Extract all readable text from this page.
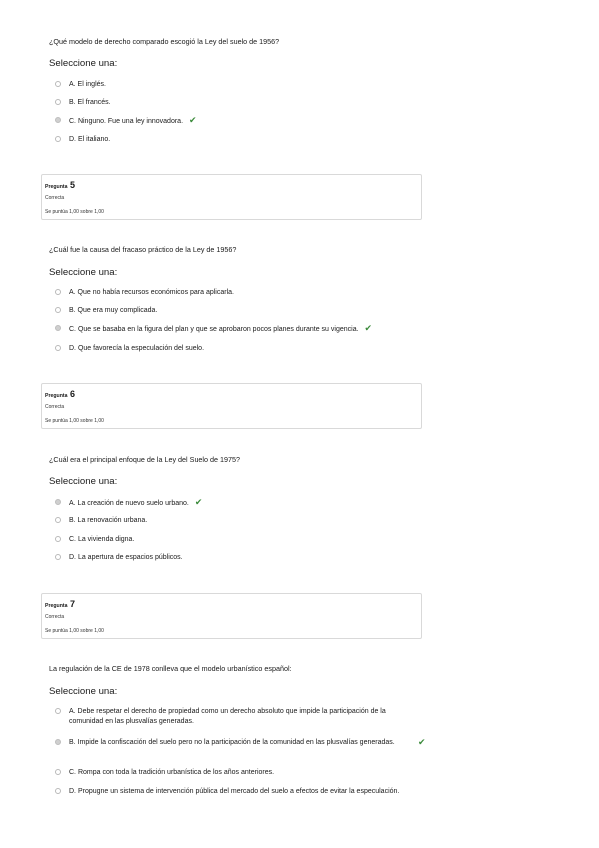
¿Qué modelo de derecho comparado escogió la Ley del suelo de 1956?
Seleccione una:
A. El inglés.
B. El francés.
C. Ninguno. Fue una ley innovadora. ✔
D. El italiano.
Pregunta 5
Correcta
Se puntúa 1,00 sobre 1,00
¿Cuál fue la causa del fracaso práctico de la Ley de 1956?
Seleccione una:
A. Que no había recursos económicos para aplicarla.
B. Que era muy complicada.
C. Que se basaba en la figura del plan y que se aprobaron pocos planes durante su vigencia. ✔
D. Que favorecía la especulación del suelo.
Pregunta 6
Correcta
Se puntúa 1,00 sobre 1,00
¿Cuál era el principal enfoque de la Ley del Suelo de 1975?
Seleccione una:
A. La creación de nuevo suelo urbano. ✔
B. La renovación urbana.
C. La vivienda digna.
D. La apertura de espacios públicos.
Pregunta 7
Correcta
Se puntúa 1,00 sobre 1,00
La regulación de la CE de 1978 conlleva que el modelo urbanístico español:
Seleccione una:
A. Debe respetar el derecho de propiedad como un derecho absoluto que impide la participación de la comunidad en las plusvalías generadas.
B. Impide la confiscación del suelo pero no la participación de la comunidad en las plusvalías generadas.	✔
C. Rompa con toda la tradición urbanística de los años anteriores.
D. Propugne un sistema de intervención pública del mercado del suelo a efectos de evitar la especulación.
